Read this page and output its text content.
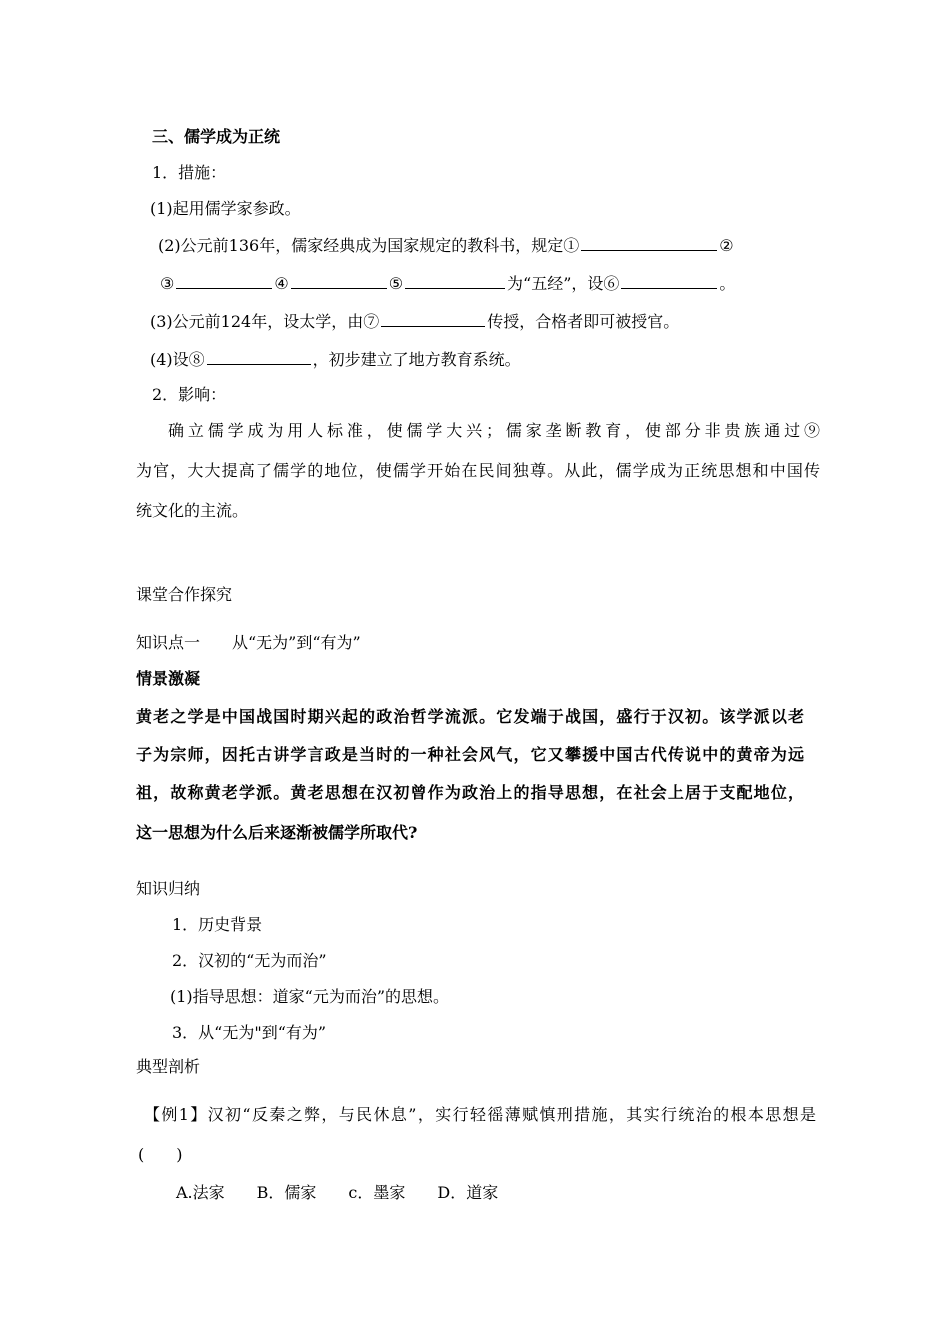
三、儒学成为正统
1．措施：
(1)起用儒学家参政。
(2)公元前136年，儒家经典成为国家规定的教科书，规定①	②
③	④	⑤	为“五经”，设⑥	。
(3)公元前124年，设太学，由⑦	传授，合格者即可被授官。
(4)设⑧	，初步建立了地方教育系统。
2．影响：
确立儒学成为用人标准，使儒学大兴；儒家垄断教育，使部分非贵族通过⑨
为官，大大提高了儒学的地位，使儒学开始在民间独尊。从此，儒学成为正统思想和中国传
统文化的主流。
课堂合作探究
知识点一　　从“无为”到“有为”
情景激凝
黄老之学是中国战国时期兴起的政治哲学流派。它发端于战国，盛行于汉初。该学派以老
子为宗师，因托古讲学言政是当时的一种社会风气，它又攀援中国古代传说中的黄帝为远
祖，故称黄老学派。黄老思想在汉初曾作为政治上的指导思想，在社会上居于支配地位，
这一思想为什么后来逐渐被儒学所取代?
知识归纳
1．历史背景
2．汉初的“无为而治”
(1)指导思想：道家“元为而治”的思想。
3．从“无为"到“有为”
典型剖析
【例1】汉初“反秦之弊，与民休息”，实行轻徭薄赋慎刑措施，其实行统治的根本思想是
(　　)
A.法家　　B．儒家　　c．墨家　　D．道家
